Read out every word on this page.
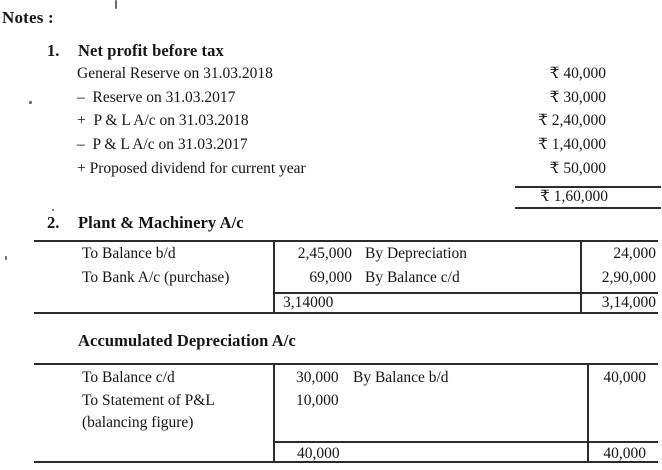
Notes :
1.	Net profit before tax
General Reserve on 31.03.2018	₹ 40,000
–  Reserve on 31.03.2017	₹ 30,000
+  P & L A/c on 31.03.2018	₹ 2,40,000
–  P & L A/c on 31.03.2017	₹ 1,40,000
+ Proposed dividend for current year	₹ 50,000
₹ 1,60,000
2.	Plant & Machinery A/c
To Balance b/d	2,45,000 By Depreciation	24,000
To Bank A/c (purchase)	69,000 By Balance c/d	2,90,000
3,14000	3,14,000
Accumulated Depreciation A/c
To Balance c/d	30,000 By Balance b/d	40,000
To Statement of P&L	10,000
(balancing figure)
40,000	40,000
